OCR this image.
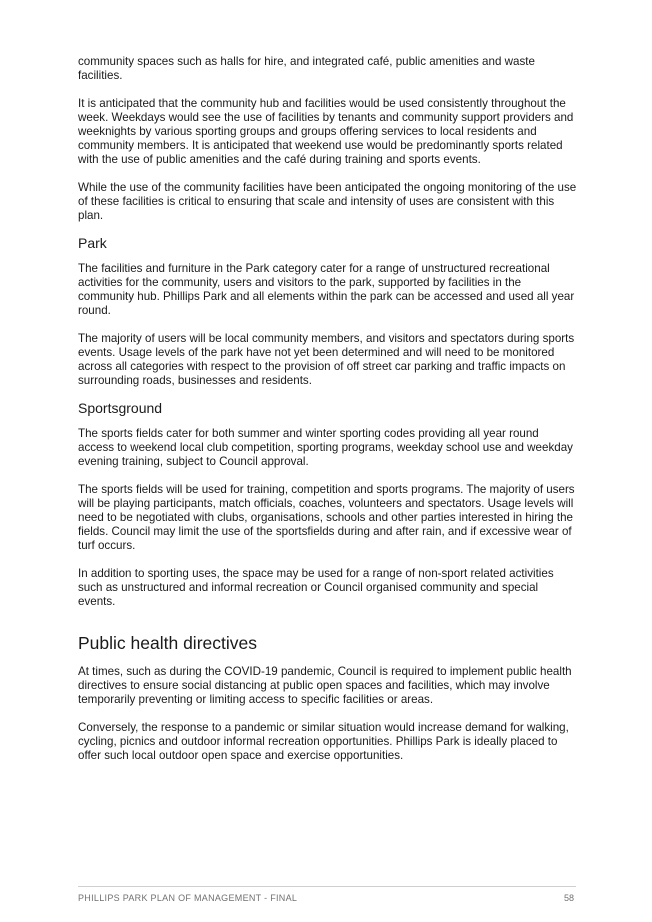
community spaces such as halls for hire, and integrated café, public amenities and waste facilities.

It is anticipated that the community hub and facilities would be used consistently throughout the week. Weekdays would see the use of facilities by tenants and community support providers and weeknights by various sporting groups and groups offering services to local residents and community members. It is anticipated that weekend use would be predominantly sports related with the use of public amenities and the café during training and sports events.

While the use of the community facilities have been anticipated the ongoing monitoring of the use of these facilities is critical to ensuring that scale and intensity of uses are consistent with this plan.

Park

The facilities and furniture in the Park category cater for a range of unstructured recreational activities for the community, users and visitors to the park, supported by facilities in the community hub. Phillips Park and all elements within the park can be accessed and used all year round.

The majority of users will be local community members, and visitors and spectators during sports events. Usage levels of the park have not yet been determined and will need to be monitored across all categories with respect to the provision of off street car parking and traffic impacts on surrounding roads, businesses and residents.

Sportsground

The sports fields cater for both summer and winter sporting codes providing all year round access to weekend local club competition, sporting programs, weekday school use and weekday evening training, subject to Council approval.

The sports fields will be used for training, competition and sports programs. The majority of users will be playing participants, match officials, coaches, volunteers and spectators. Usage levels will need to be negotiated with clubs, organisations, schools and other parties interested in hiring the fields. Council may limit the use of the sportsfields during and after rain, and if excessive wear of turf occurs.

In addition to sporting uses, the space may be used for a range of non-sport related activities such as unstructured and informal recreation or Council organised community and special events.

Public health directives

At times, such as during the COVID-19 pandemic, Council is required to implement public health directives to ensure social distancing at public open spaces and facilities, which may involve temporarily preventing or limiting access to specific facilities or areas.

Conversely, the response to a pandemic or similar situation would increase demand for walking, cycling, picnics and outdoor informal recreation opportunities. Phillips Park is ideally placed to offer such local outdoor open space and exercise opportunities.

PHILLIPS PARK PLAN OF MANAGEMENT - FINAL	58
